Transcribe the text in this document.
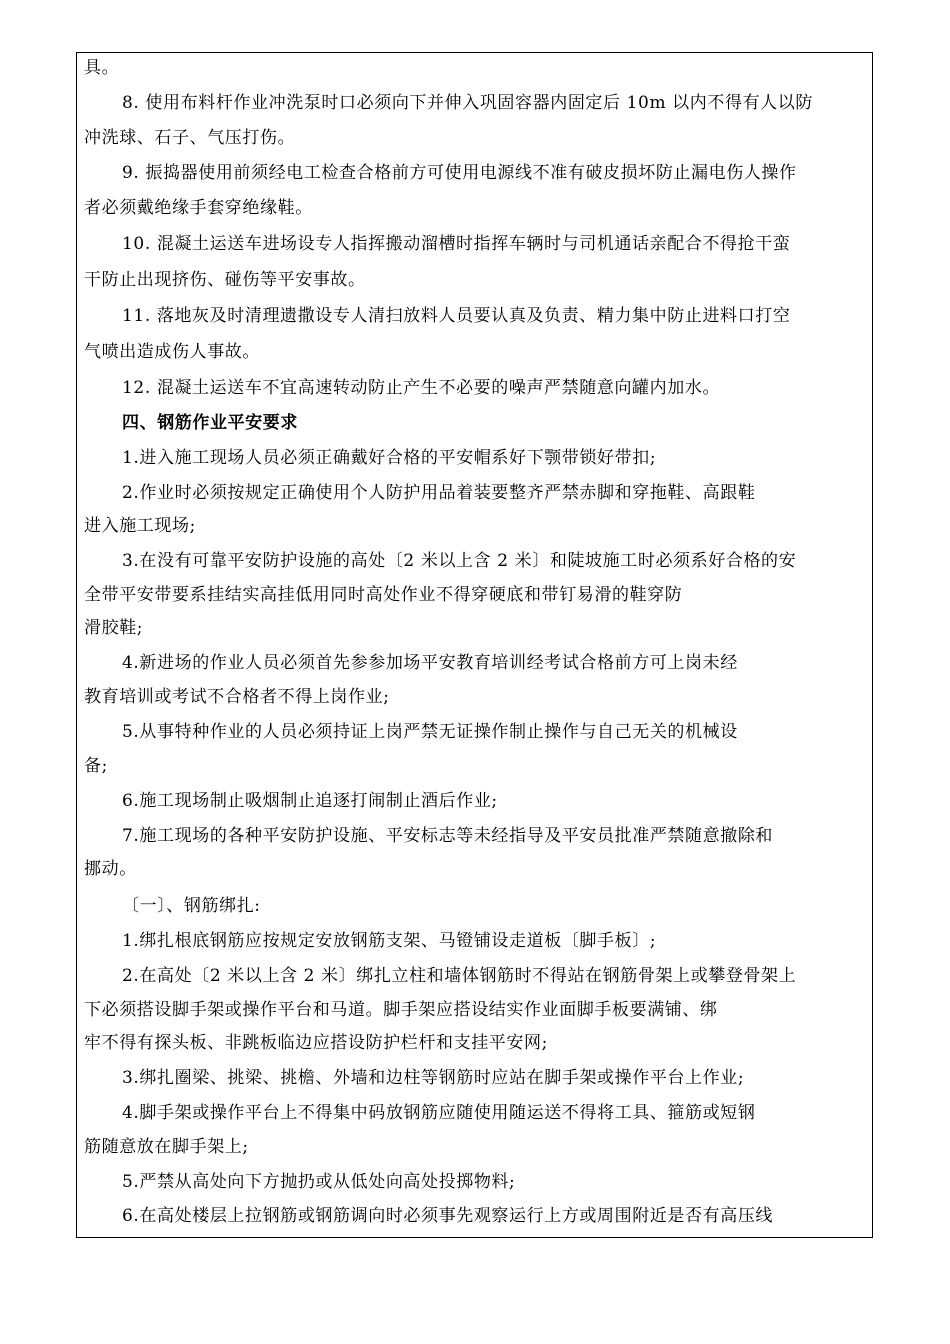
具。
8. 使用布料杆作业冲洗泵时口必须向下并伸入巩固容器内固定后 10m 以内不得有人以防
冲洗球、石子、气压打伤。
9. 振捣器使用前须经电工检查合格前方可使用电源线不准有破皮损坏防止漏电伤人操作
者必须戴绝缘手套穿绝缘鞋。
10. 混凝土运送车进场设专人指挥搬动溜槽时指挥车辆时与司机通话亲配合不得抢干蛮
干防止出现挤伤、碰伤等平安事故。
11. 落地灰及时清理遗撒设专人清扫放料人员要认真及负责、精力集中防止进料口打空
气喷出造成伤人事故。
12. 混凝土运送车不宜高速转动防止产生不必要的噪声严禁随意向罐内加水。
四、钢筋作业平安要求
1.进入施工现场人员必须正确戴好合格的平安帽系好下颚带锁好带扣;
2.作业时必须按规定正确使用个人防护用品着装要整齐严禁赤脚和穿拖鞋、高跟鞋
进入施工现场;
3.在没有可靠平安防护设施的高处〔2 米以上含 2 米〕和陡坡施工时必须系好合格的安
全带平安带要系挂结实高挂低用同时高处作业不得穿硬底和带钉易滑的鞋穿防
滑胶鞋;
4.新进场的作业人员必须首先参参加场平安教育培训经考试合格前方可上岗未经
教育培训或考试不合格者不得上岗作业;
5.从事特种作业的人员必须持证上岗严禁无证操作制止操作与自己无关的机械设
备;
6.施工现场制止吸烟制止追逐打闹制止酒后作业;
7.施工现场的各种平安防护设施、平安标志等未经指导及平安员批准严禁随意撤除和
挪动。
〔一〕、钢筋绑扎:
1.绑扎根底钢筋应按规定安放钢筋支架、马镫铺设走道板〔脚手板〕;
2.在高处〔2 米以上含 2 米〕绑扎立柱和墙体钢筋时不得站在钢筋骨架上或攀登骨架上
下必须搭设脚手架或操作平台和马道。脚手架应搭设结实作业面脚手板要满铺、绑
牢不得有探头板、非跳板临边应搭设防护栏杆和支挂平安网;
3.绑扎圈梁、挑梁、挑檐、外墙和边柱等钢筋时应站在脚手架或操作平台上作业;
4.脚手架或操作平台上不得集中码放钢筋应随使用随运送不得将工具、箍筋或短钢
筋随意放在脚手架上;
5.严禁从高处向下方抛扔或从低处向高处投掷物料;
6.在高处楼层上拉钢筋或钢筋调向时必须事先观察运行上方或周围附近是否有高压线
